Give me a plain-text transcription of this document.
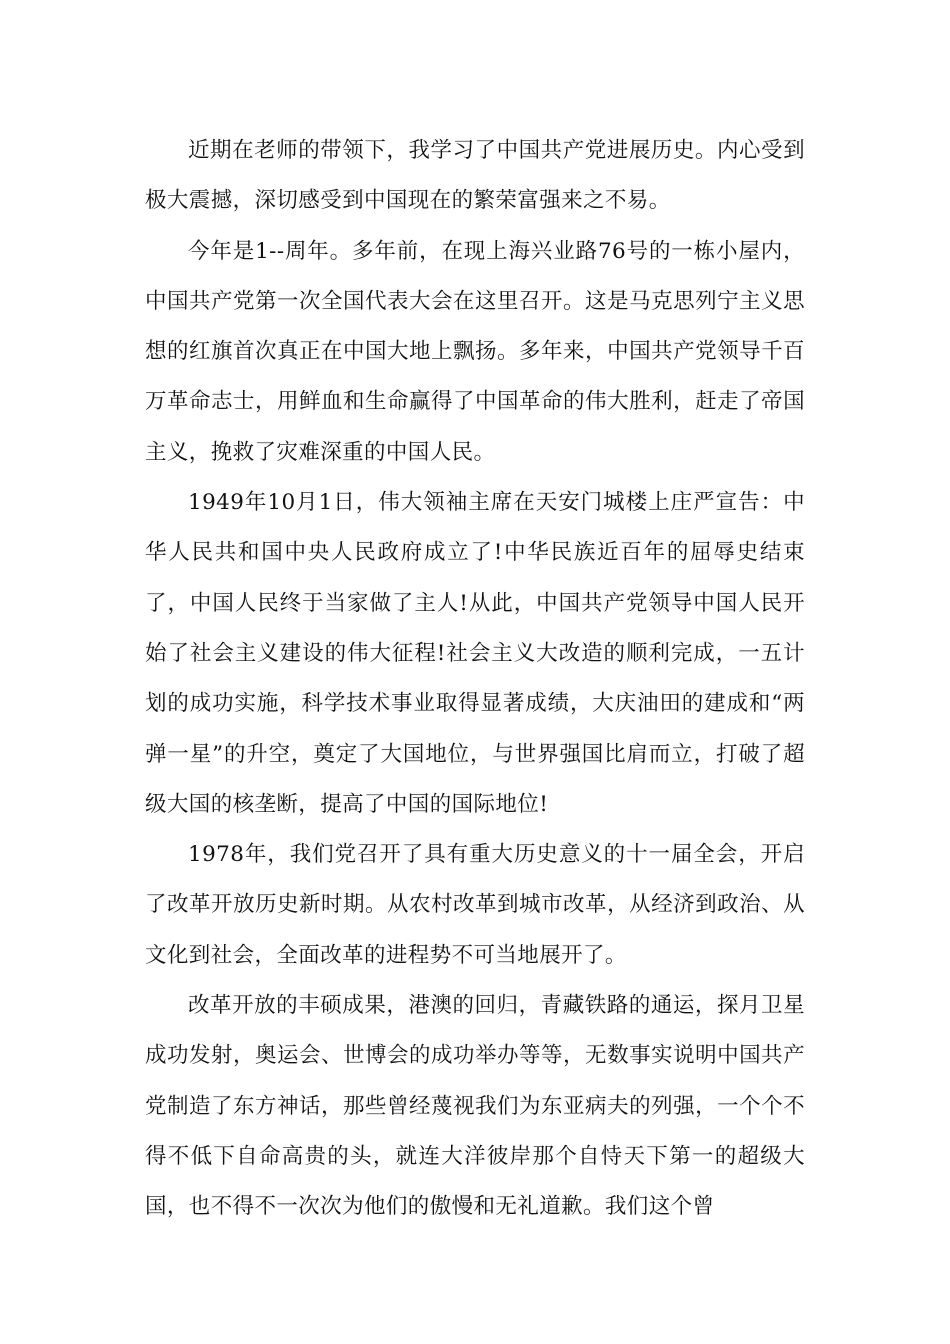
近期在老师的带领下，我学习了中国共产党进展历史。内心受到极大震撼，深切感受到中国现在的繁荣富强来之不易。

今年是1--周年。多年前，在现上海兴业路76号的一栋小屋内，中国共产党第一次全国代表大会在这里召开。这是马克思列宁主义思想的红旗首次真正在中国大地上飘扬。多年来，中国共产党领导千百万革命志士，用鲜血和生命赢得了中国革命的伟大胜利，赶走了帝国主义，挽救了灾难深重的中国人民。

1949年10月1日，伟大领袖主席在天安门城楼上庄严宣告：中华人民共和国中央人民政府成立了!中华民族近百年的屈辱史结束了，中国人民终于当家做了主人!从此，中国共产党领导中国人民开始了社会主义建设的伟大征程!社会主义大改造的顺利完成，一五计划的成功实施，科学技术事业取得显著成绩，大庆油田的建成和“两弹一星”的升空，奠定了大国地位，与世界强国比肩而立，打破了超级大国的核垄断，提高了中国的国际地位!

1978年，我们党召开了具有重大历史意义的十一届全会，开启了改革开放历史新时期。从农村改革到城市改革，从经济到政治、从文化到社会，全面改革的进程势不可当地展开了。

改革开放的丰硕成果，港澳的回归，青藏铁路的通运，探月卫星成功发射，奥运会、世博会的成功举办等等，无数事实说明中国共产党制造了东方神话，那些曾经蔑视我们为东亚病夫的列强，一个个不得不低下自命高贵的头，就连大洋彼岸那个自恃天下第一的超级大国，也不得不一次次为他们的傲慢和无礼道歉。我们这个曾
